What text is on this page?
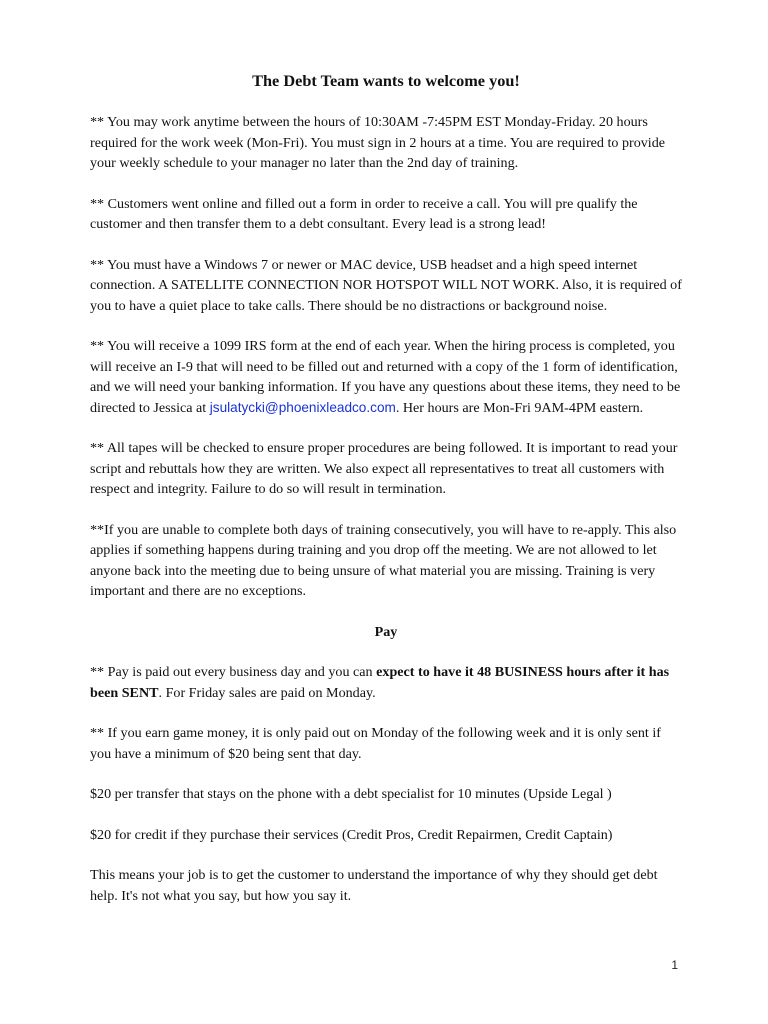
The Debt Team wants to welcome you!

** You may work anytime between the hours of 10:30AM -7:45PM EST Monday-Friday. 20 hours required for the work week (Mon-Fri). You must sign in 2 hours at a time. You are required to provide your weekly schedule to your manager no later than the 2nd day of training.

** Customers went online and filled out a form in order to receive a call. You will pre qualify the customer and then transfer them to a debt consultant. Every lead is a strong lead!

** You must have a Windows 7 or newer or MAC device, USB headset and a high speed internet connection. A SATELLITE CONNECTION NOR HOTSPOT WILL NOT WORK. Also, it is required of you to have a quiet place to take calls. There should be no distractions or background noise.

** You will receive a 1099 IRS form at the end of each year. When the hiring process is completed, you will receive an I-9 that will need to be filled out and returned with a copy of the 1 form of identification, and we will need your banking information. If you have any questions about these items, they need to be directed to Jessica at jsulatycki@phoenixleadco.com. Her hours are Mon-Fri 9AM-4PM eastern.

** All tapes will be checked to ensure proper procedures are being followed. It is important to read your script and rebuttals how they are written. We also expect all representatives to treat all customers with respect and integrity. Failure to do so will result in termination.

**If you are unable to complete both days of training consecutively, you will have to re-apply. This also applies if something happens during training and you drop off the meeting. We are not allowed to let anyone back into the meeting due to being unsure of what material you are missing. Training is very important and there are no exceptions.

Pay

** Pay is paid out every business day and you can expect to have it 48 BUSINESS hours after it has been SENT. For Friday sales are paid on Monday.

** If you earn game money, it is only paid out on Monday of the following week and it is only sent if you have a minimum of $20 being sent that day.

$20 per transfer that stays on the phone with a debt specialist for 10 minutes (Upside Legal )

$20 for credit if they purchase their services (Credit Pros, Credit Repairmen, Credit Captain)

This means your job is to get the customer to understand the importance of why they should get debt help. It's not what you say, but how you say it.

1
